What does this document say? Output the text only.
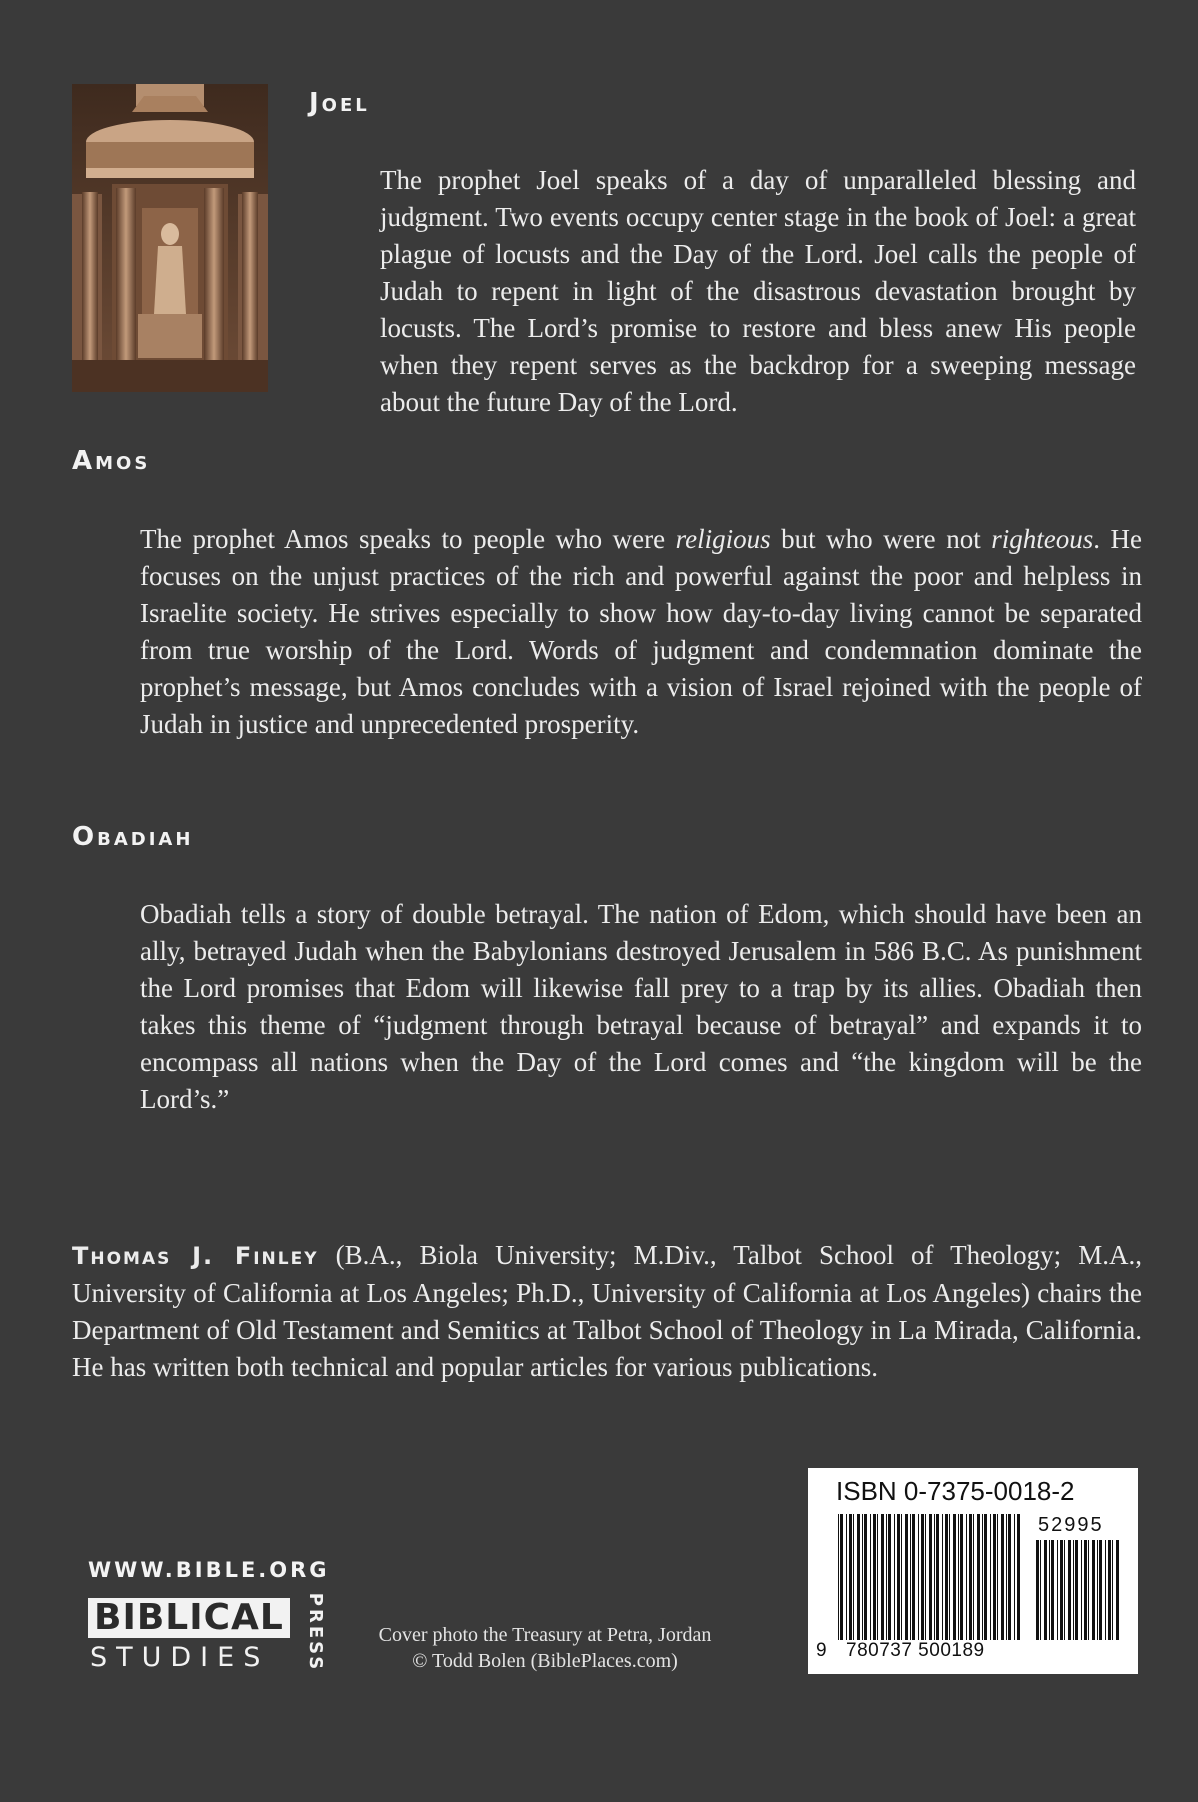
Joel

The prophet Joel speaks of a day of unparalleled blessing and judgment. Two events occupy center stage in the book of Joel: a great plague of locusts and the Day of the Lord. Joel calls the people of Judah to repent in light of the disastrous devastation brought by locusts. The Lord’s promise to restore and bless anew His people when they repent serves as the backdrop for a sweeping message about the future Day of the Lord.

Amos

The prophet Amos speaks to people who were religious but who were not righteous. He focuses on the unjust practices of the rich and powerful against the poor and helpless in Israelite society. He strives especially to show how day-to-day living cannot be separated from true worship of the Lord. Words of judgment and condemnation dominate the prophet’s message, but Amos concludes with a vision of Israel rejoined with the people of Judah in justice and unprecedented prosperity.

Obadiah

Obadiah tells a story of double betrayal. The nation of Edom, which should have been an ally, betrayed Judah when the Babylonians destroyed Jerusalem in 586 B.C. As punishment the Lord promises that Edom will likewise fall prey to a trap by its allies. Obadiah then takes this theme of “judgment through betrayal because of betrayal” and expands it to encompass all nations when the Day of the Lord comes and “the kingdom will be the Lord’s.”

Thomas J. Finley (B.A., Biola University; M.Div., Talbot School of Theology; M.A., University of California at Los Angeles; Ph.D., University of California at Los Angeles) chairs the Department of Old Testament and Semitics at Talbot School of Theology in La Mirada, California. He has written both technical and popular articles for various publications.

WWW.BIBLE.ORG
BIBLICAL
STUDIES PRESS	Cover photo the Treasury at Petra, Jordan
© Todd Bolen (BiblePlaces.com)
ISBN 0-7375-0018-2
52995
9 780737 500189
